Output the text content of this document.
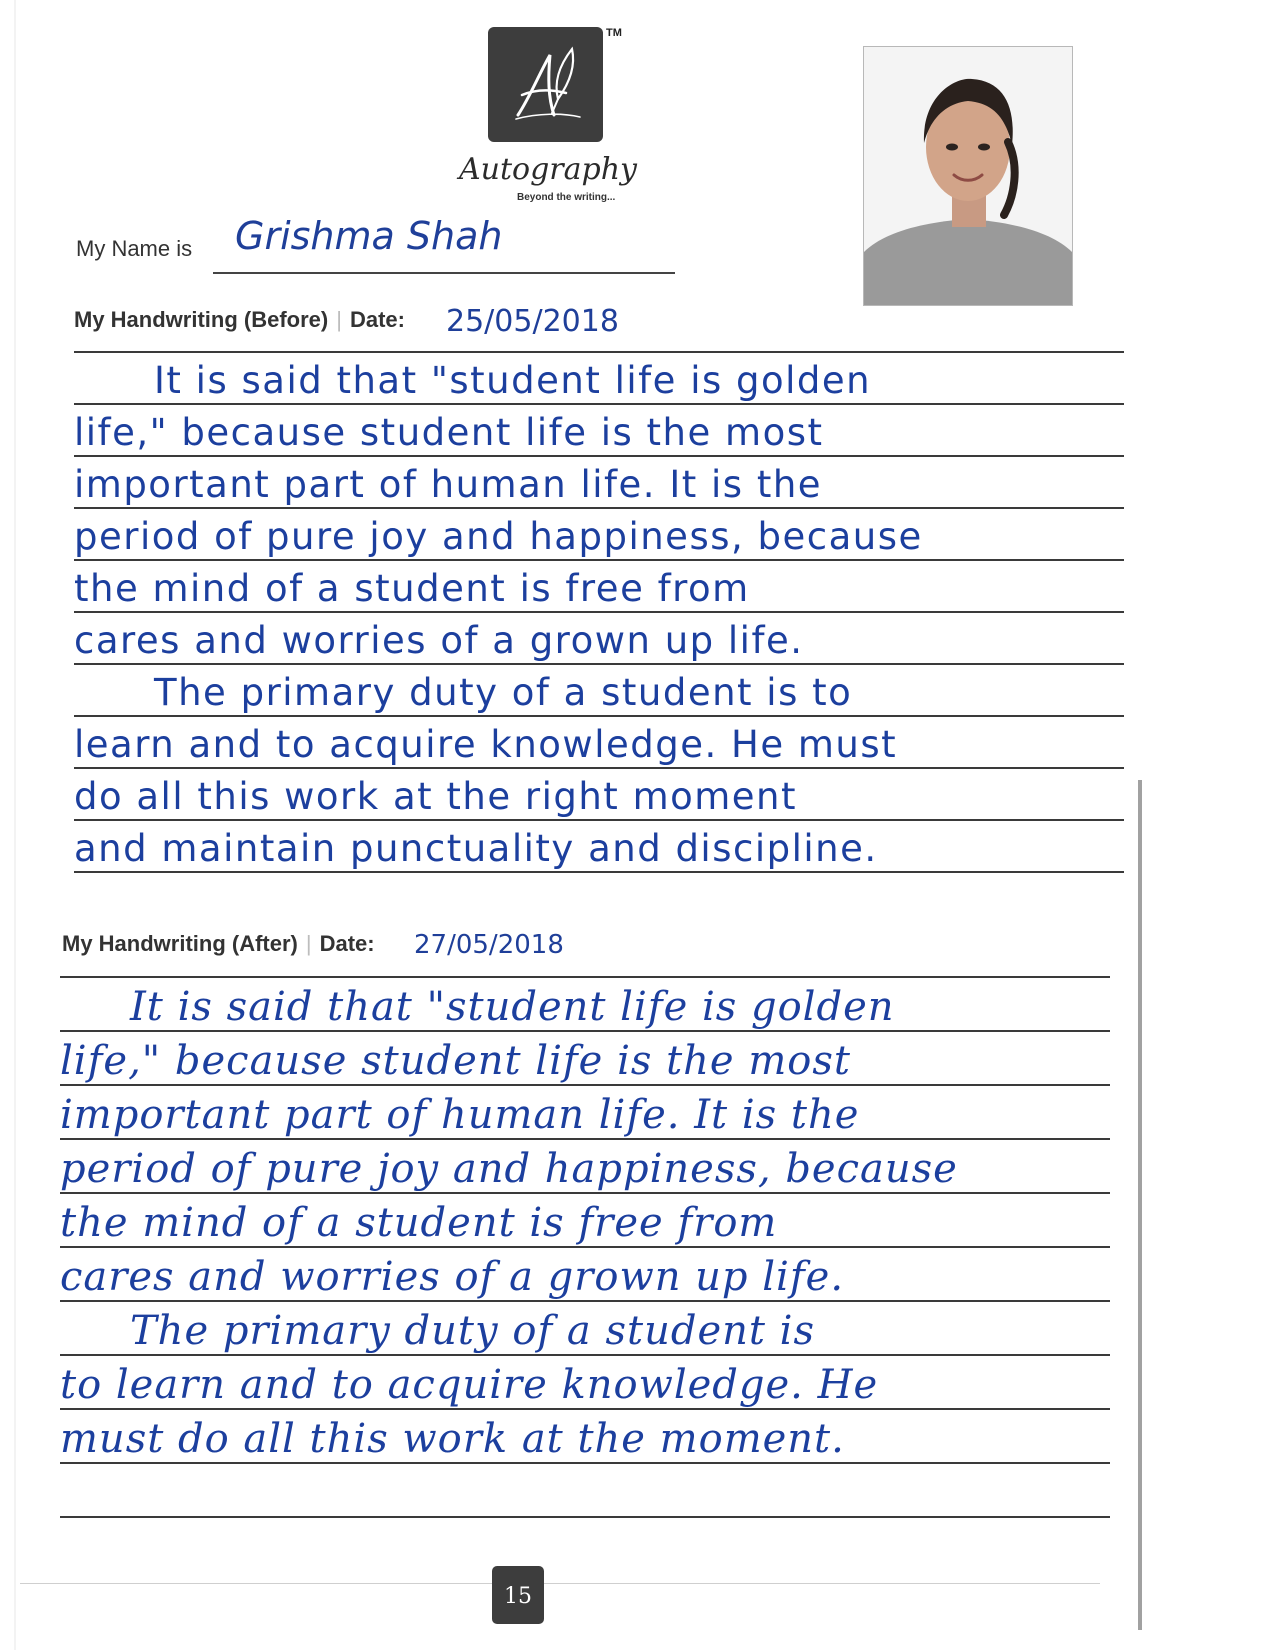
TM
Autography
Beyond the writing...
My Name is Grishma Shah
My Handwriting (Before) | Date: 25/05/2018
It is said that "student life is golden
life," because student life is the most
important part of human life. It is the
period of pure joy and happiness, because
the mind of a student is free from
cares and worries of a grown up life.
The primary duty of a student is to
learn and to acquire knowledge. He must
do all this work at the right moment
and maintain punctuality and discipline.
My Handwriting (After) | Date: 27/05/2018
It is said that "student life is golden
life," because student life is the most
important part of human life. It is the
period of pure joy and happiness, because
the mind of a student is free from
cares and worries of a grown up life.
The primary duty of a student is
to learn and to acquire knowledge. He
must do all this work at the moment.
15
